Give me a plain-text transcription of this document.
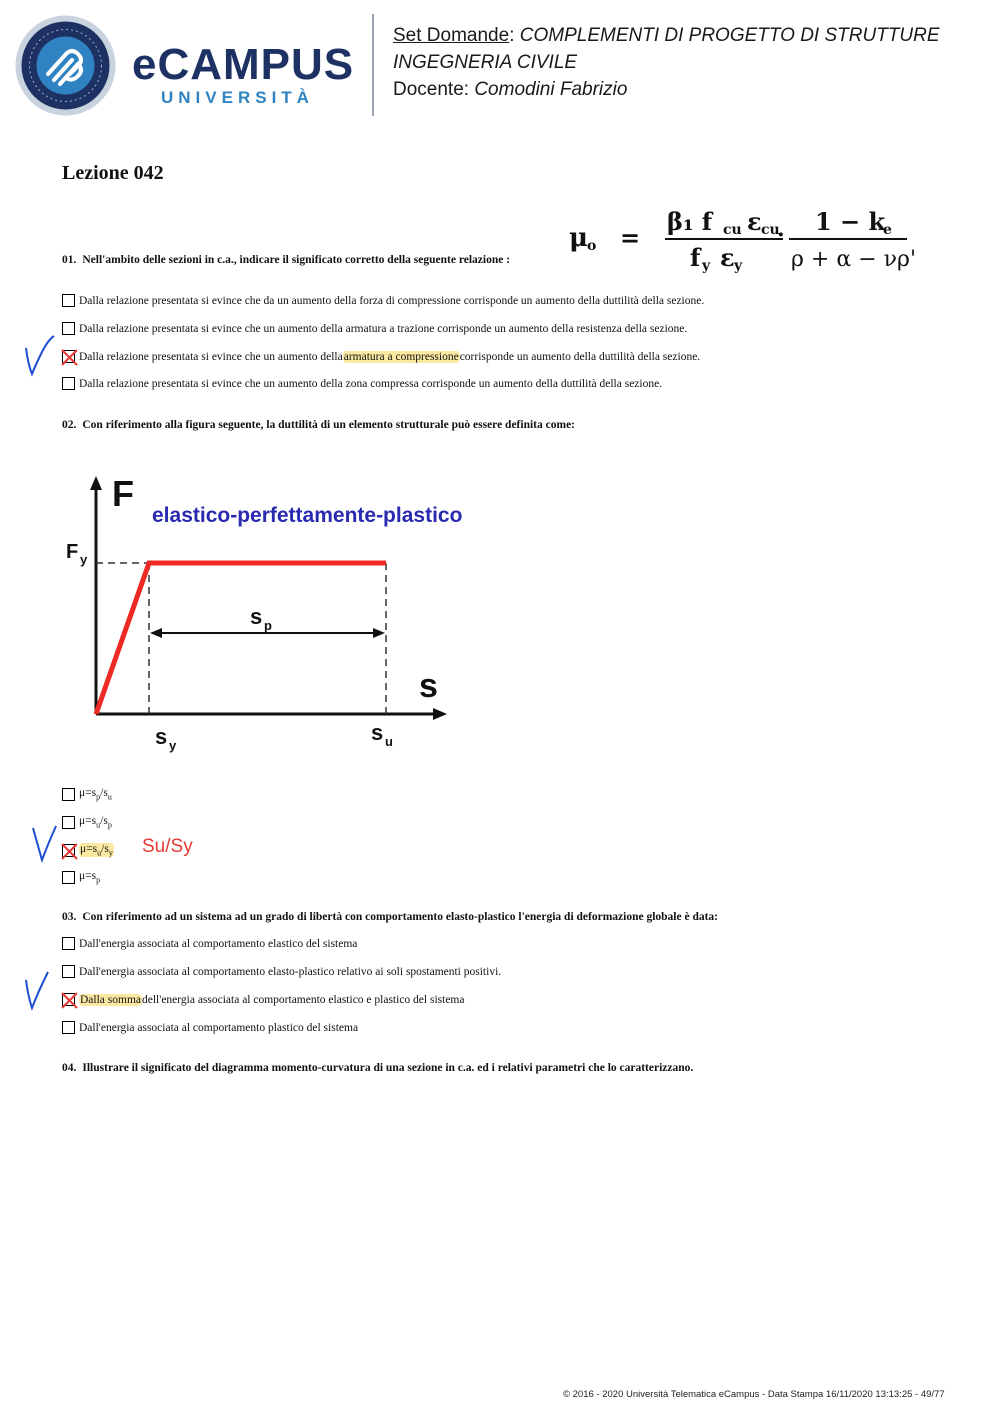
eCAMPUS
UNIVERSITÀ
Set Domande: COMPLEMENTI DI PROGETTO DI STRUTTURE
INGEGNERIA CIVILE
Docente: Comodini Fabrizio
Lezione 042
01. Nell'ambito delle sezioni in c.a., indicare il significato corretto della seguente relazione :
μ
o =
β₁ f cu ε cu
f y ε y
· 1 − k
e
ρ + α − νρ'
Dalla relazione presentata si evince che da un aumento della forza di compressione corrisponde un aumento della duttilità della sezione.
Dalla relazione presentata si evince che un aumento della armatura a trazione corrisponde un aumento della resistenza della sezione.
Dalla relazione presentata si evince che un aumento della armatura a compressione corrisponde un aumento della duttilità della sezione.
Dalla relazione presentata si evince che un aumento della zona compressa corrisponde un aumento della duttilità della sezione.
02. Con riferimento alla figura seguente, la duttilità di un elemento strutturale può essere definita come:
F
elastico-perfettamente-plastico
F y
s p
s
s y
s u
$\mu=s_p/s_u$
$\mu=s_u/s_p$
$\mu=s_u/s_y$
$\mu=s_p$
Su/Sy
03. Con riferimento ad un sistema ad un grado di libertà con comportamento elasto-plastico l'energia di deformazione globale è data:
Dall'energia associata al comportamento elastico del sistema
Dall'energia associata al comportamento elasto-plastico relativo ai soli spostamenti positivi.
Dalla somma dell'energia associata al comportamento elastico e plastico del sistema
Dall'energia associata al comportamento plastico del sistema
04. Illustrare il significato del diagramma momento-curvatura di una sezione in c.a. ed i relativi parametri che lo caratterizzano.
© 2016 - 2020 Università Telematica eCampus - Data Stampa 16/11/2020 13:13:25 - 49/77
